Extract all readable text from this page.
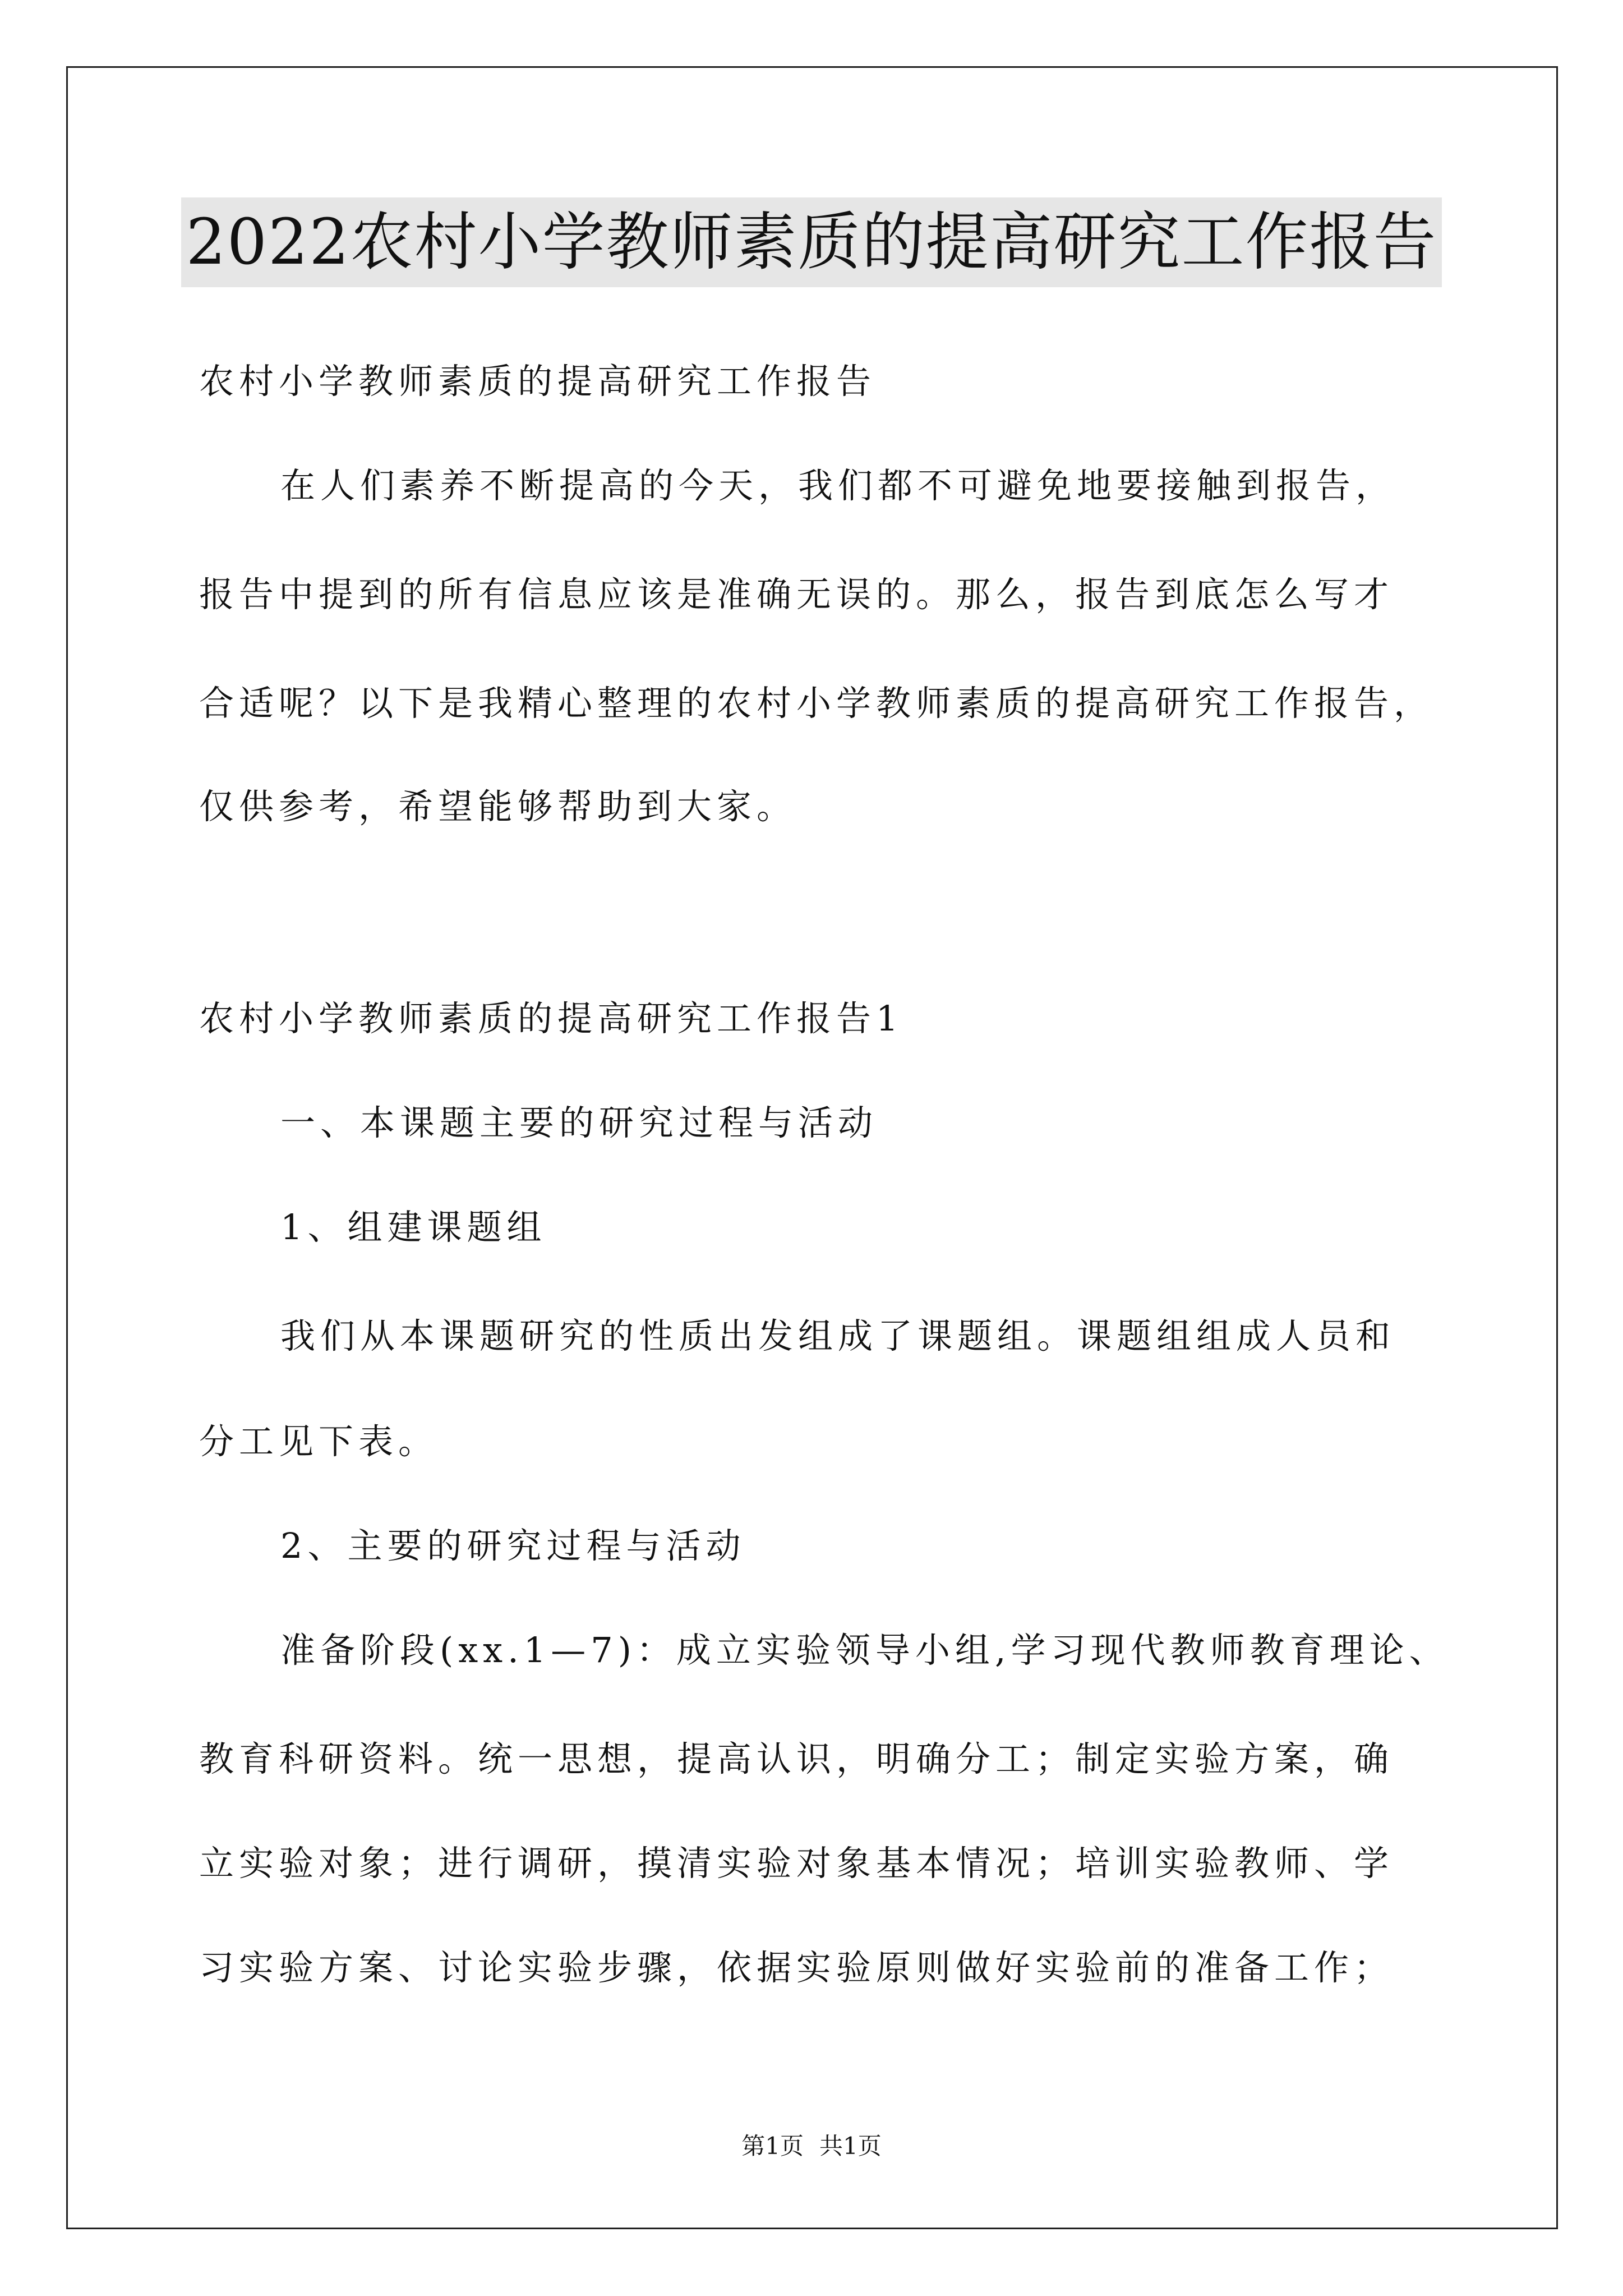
2022农村小学教师素质的提高研究工作报告
农村小学教师素质的提高研究工作报告
在人们素养不断提高的今天，我们都不可避免地要接触到报告，
报告中提到的所有信息应该是准确无误的。那么，报告到底怎么写才
合适呢？以下是我精心整理的农村小学教师素质的提高研究工作报告，
仅供参考，希望能够帮助到大家。
农村小学教师素质的提高研究工作报告1
一、本课题主要的研究过程与活动
1、组建课题组
我们从本课题研究的性质出发组成了课题组。课题组组成人员和
分工见下表。
2、主要的研究过程与活动
准备阶段(xx.1—7)：成立实验领导小组,学习现代教师教育理论、
教育科研资料。统一思想，提高认识，明确分工；制定实验方案，确
立实验对象；进行调研，摸清实验对象基本情况；培训实验教师、学
习实验方案、讨论实验步骤，依据实验原则做好实验前的准备工作；
第1页 共1页
